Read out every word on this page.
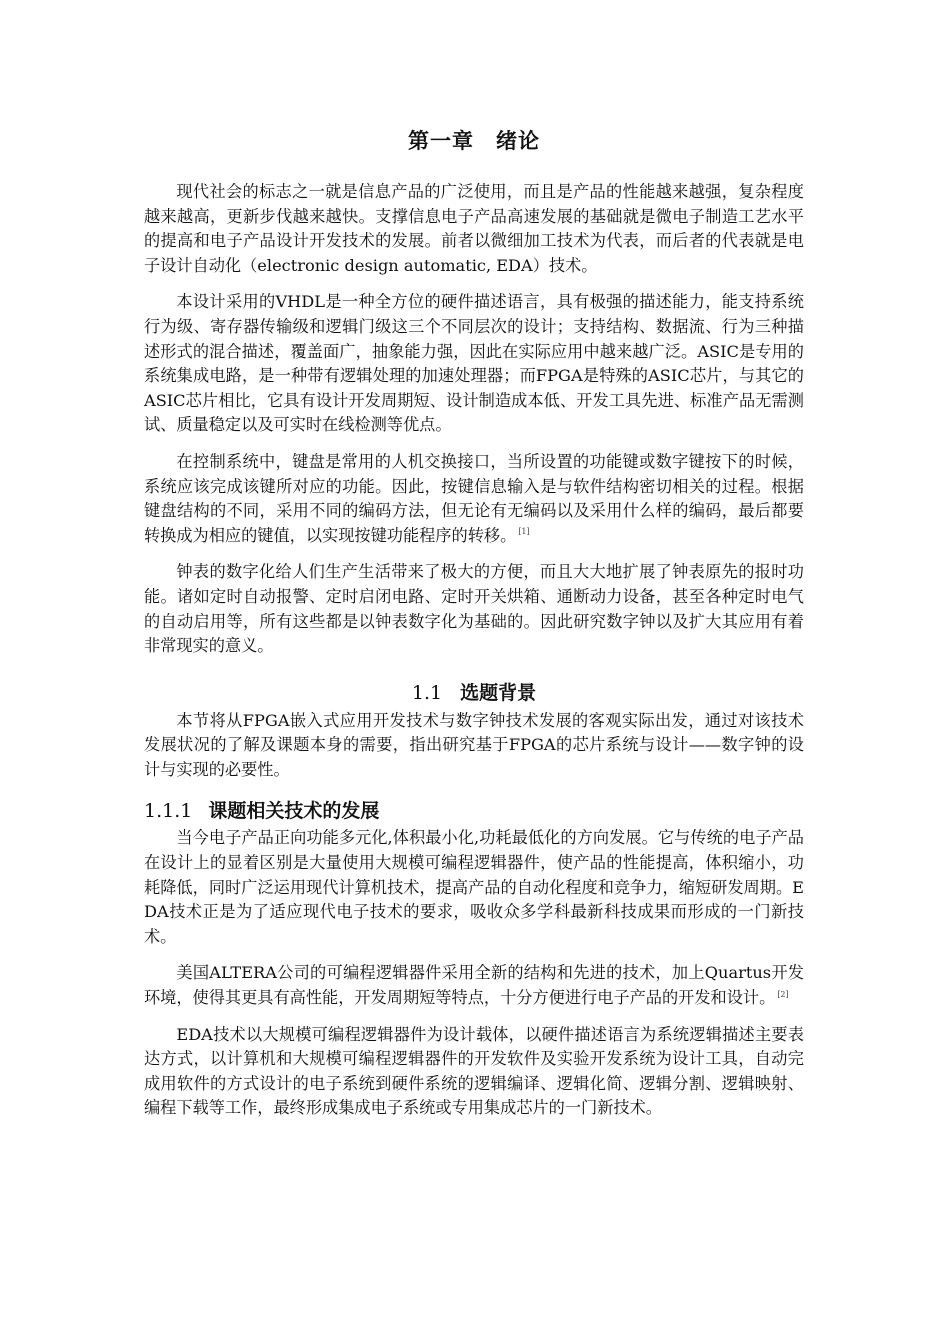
第一章　绪论

现代社会的标志之一就是信息产品的广泛使用，而且是产品的性能越来越强，复杂程度越来越高，更新步伐越来越快。支撑信息电子产品高速发展的基础就是微电子制造工艺水平的提高和电子产品设计开发技术的发展。前者以微细加工技术为代表，而后者的代表就是电子设计自动化（electronic design automatic, EDA）技术。

本设计采用的VHDL是一种全方位的硬件描述语言，具有极强的描述能力，能支持系统行为级、寄存器传输级和逻辑门级这三个不同层次的设计；支持结构、数据流、行为三种描述形式的混合描述，覆盖面广，抽象能力强，因此在实际应用中越来越广泛。ASIC是专用的系统集成电路，是一种带有逻辑处理的加速处理器；而FPGA是特殊的ASIC芯片，与其它的ASIC芯片相比，它具有设计开发周期短、设计制造成本低、开发工具先进、标准产品无需测试、质量稳定以及可实时在线检测等优点。

在控制系统中，键盘是常用的人机交换接口，当所设置的功能键或数字键按下的时候，系统应该完成该键所对应的功能。因此，按键信息输入是与软件结构密切相关的过程。根据键盘结构的不同，采用不同的编码方法，但无论有无编码以及采用什么样的编码，最后都要转换成为相应的键值，以实现按键功能程序的转移。 [1]

钟表的数字化给人们生产生活带来了极大的方便，而且大大地扩展了钟表原先的报时功能。诸如定时自动报警、定时启闭电路、定时开关烘箱、通断动力设备，甚至各种定时电气的自动启用等，所有这些都是以钟表数字化为基础的。因此研究数字钟以及扩大其应用有着非常现实的意义。

1.1 选题背景

本节将从FPGA嵌入式应用开发技术与数字钟技术发展的客观实际出发，通过对该技术发展状况的了解及课题本身的需要，指出研究基于FPGA的芯片系统与设计——数字钟的设计与实现的必要性。

1.1.1 课题相关技术的发展

当今电子产品正向功能多元化,体积最小化,功耗最低化的方向发展。它与传统的电子产品在设计上的显着区别是大量使用大规模可编程逻辑器件，使产品的性能提高，体积缩小，功耗降低，同时广泛运用现代计算机技术，提高产品的自动化程度和竞争力，缩短研发周期。EDA技术正是为了适应现代电子技术的要求，吸收众多学科最新科技成果而形成的一门新技术。

美国ALTERA公司的可编程逻辑器件采用全新的结构和先进的技术，加上Quartus开发环境，使得其更具有高性能，开发周期短等特点，十分方便进行电子产品的开发和设计。 [2]

EDA技术以大规模可编程逻辑器件为设计载体，以硬件描述语言为系统逻辑描述主要表达方式，以计算机和大规模可编程逻辑器件的开发软件及实验开发系统为设计工具，自动完成用软件的方式设计的电子系统到硬件系统的逻辑编译、逻辑化简、逻辑分割、逻辑映射、编程下载等工作，最终形成集成电子系统或专用集成芯片的一门新技术。
